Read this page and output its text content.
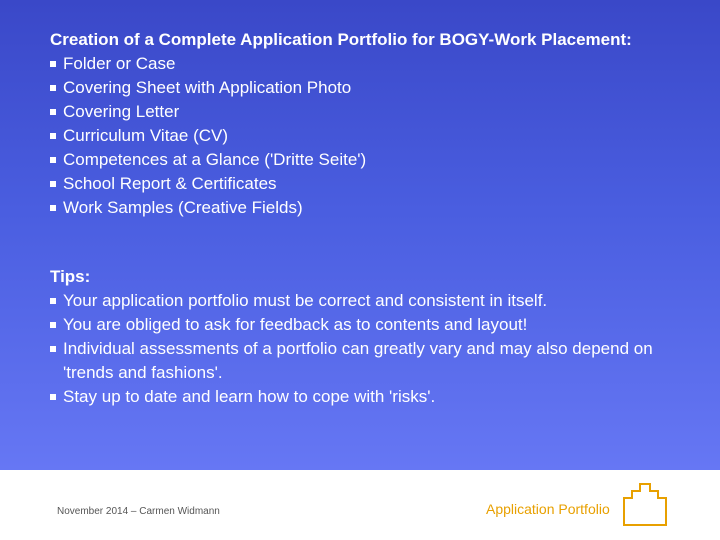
Creation of a Complete Application Portfolio for BOGY-Work Placement:
Folder or Case
Covering Sheet with Application Photo
Covering Letter
Curriculum Vitae (CV)
Competences at a Glance ('Dritte Seite')
School Report & Certificates
Work Samples (Creative Fields)
Tips:
Your application portfolio must be correct and consistent in itself.
You are obliged to ask for feedback as to contents and layout!
Individual assessments of a portfolio can greatly vary and may also depend on 'trends and fashions'.
Stay up to date and learn how to cope with 'risks'.
November 2014 – Carmen Widmann	Application Portfolio
